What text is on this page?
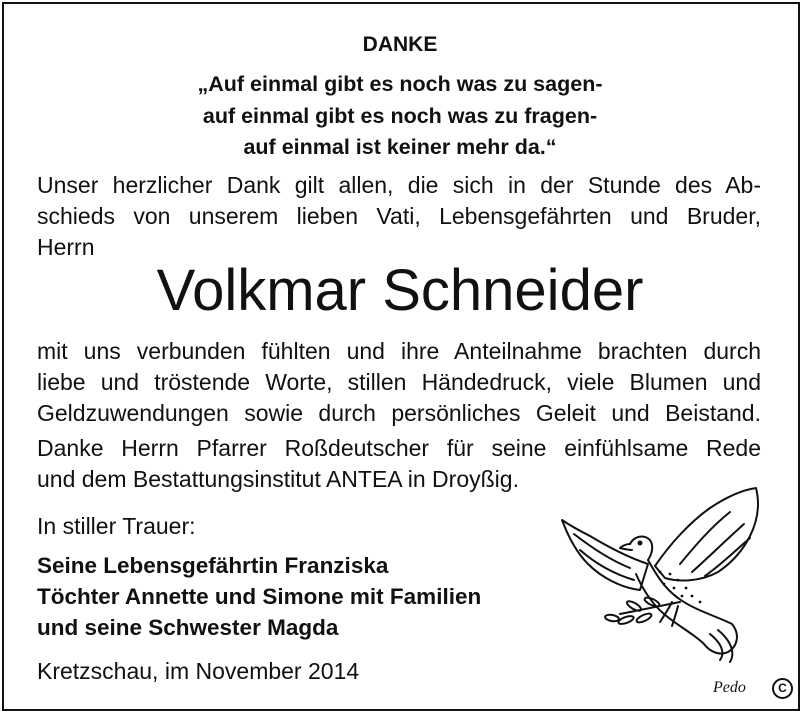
DANKE
„Auf einmal gibt es noch was zu sagen-
auf einmal gibt es noch was zu fragen-
auf einmal ist keiner mehr da.“

Unser herzlicher Dank gilt allen, die sich in der Stunde des Ab-

schieds von unserem lieben Vati, Lebensgefährten und Bruder,

Herrn

Volkmar Schneider

mit uns verbunden fühlten und ihre Anteilnahme brachten durch

liebe und tröstende Worte, stillen Händedruck, viele Blumen und

Geldzuwendungen sowie durch persönliches Geleit und Beistand.

Danke Herrn Pfarrer Roßdeutscher für seine einfühlsame Rede

und dem Bestattungsinstitut ANTEA in Droyßig.

In stiller Trauer:

Seine Lebensgefährtin Franziska

Töchter Annette und Simone mit Familien

und seine Schwester Magda

Kretzschau, im November 2014

Pedo	C
